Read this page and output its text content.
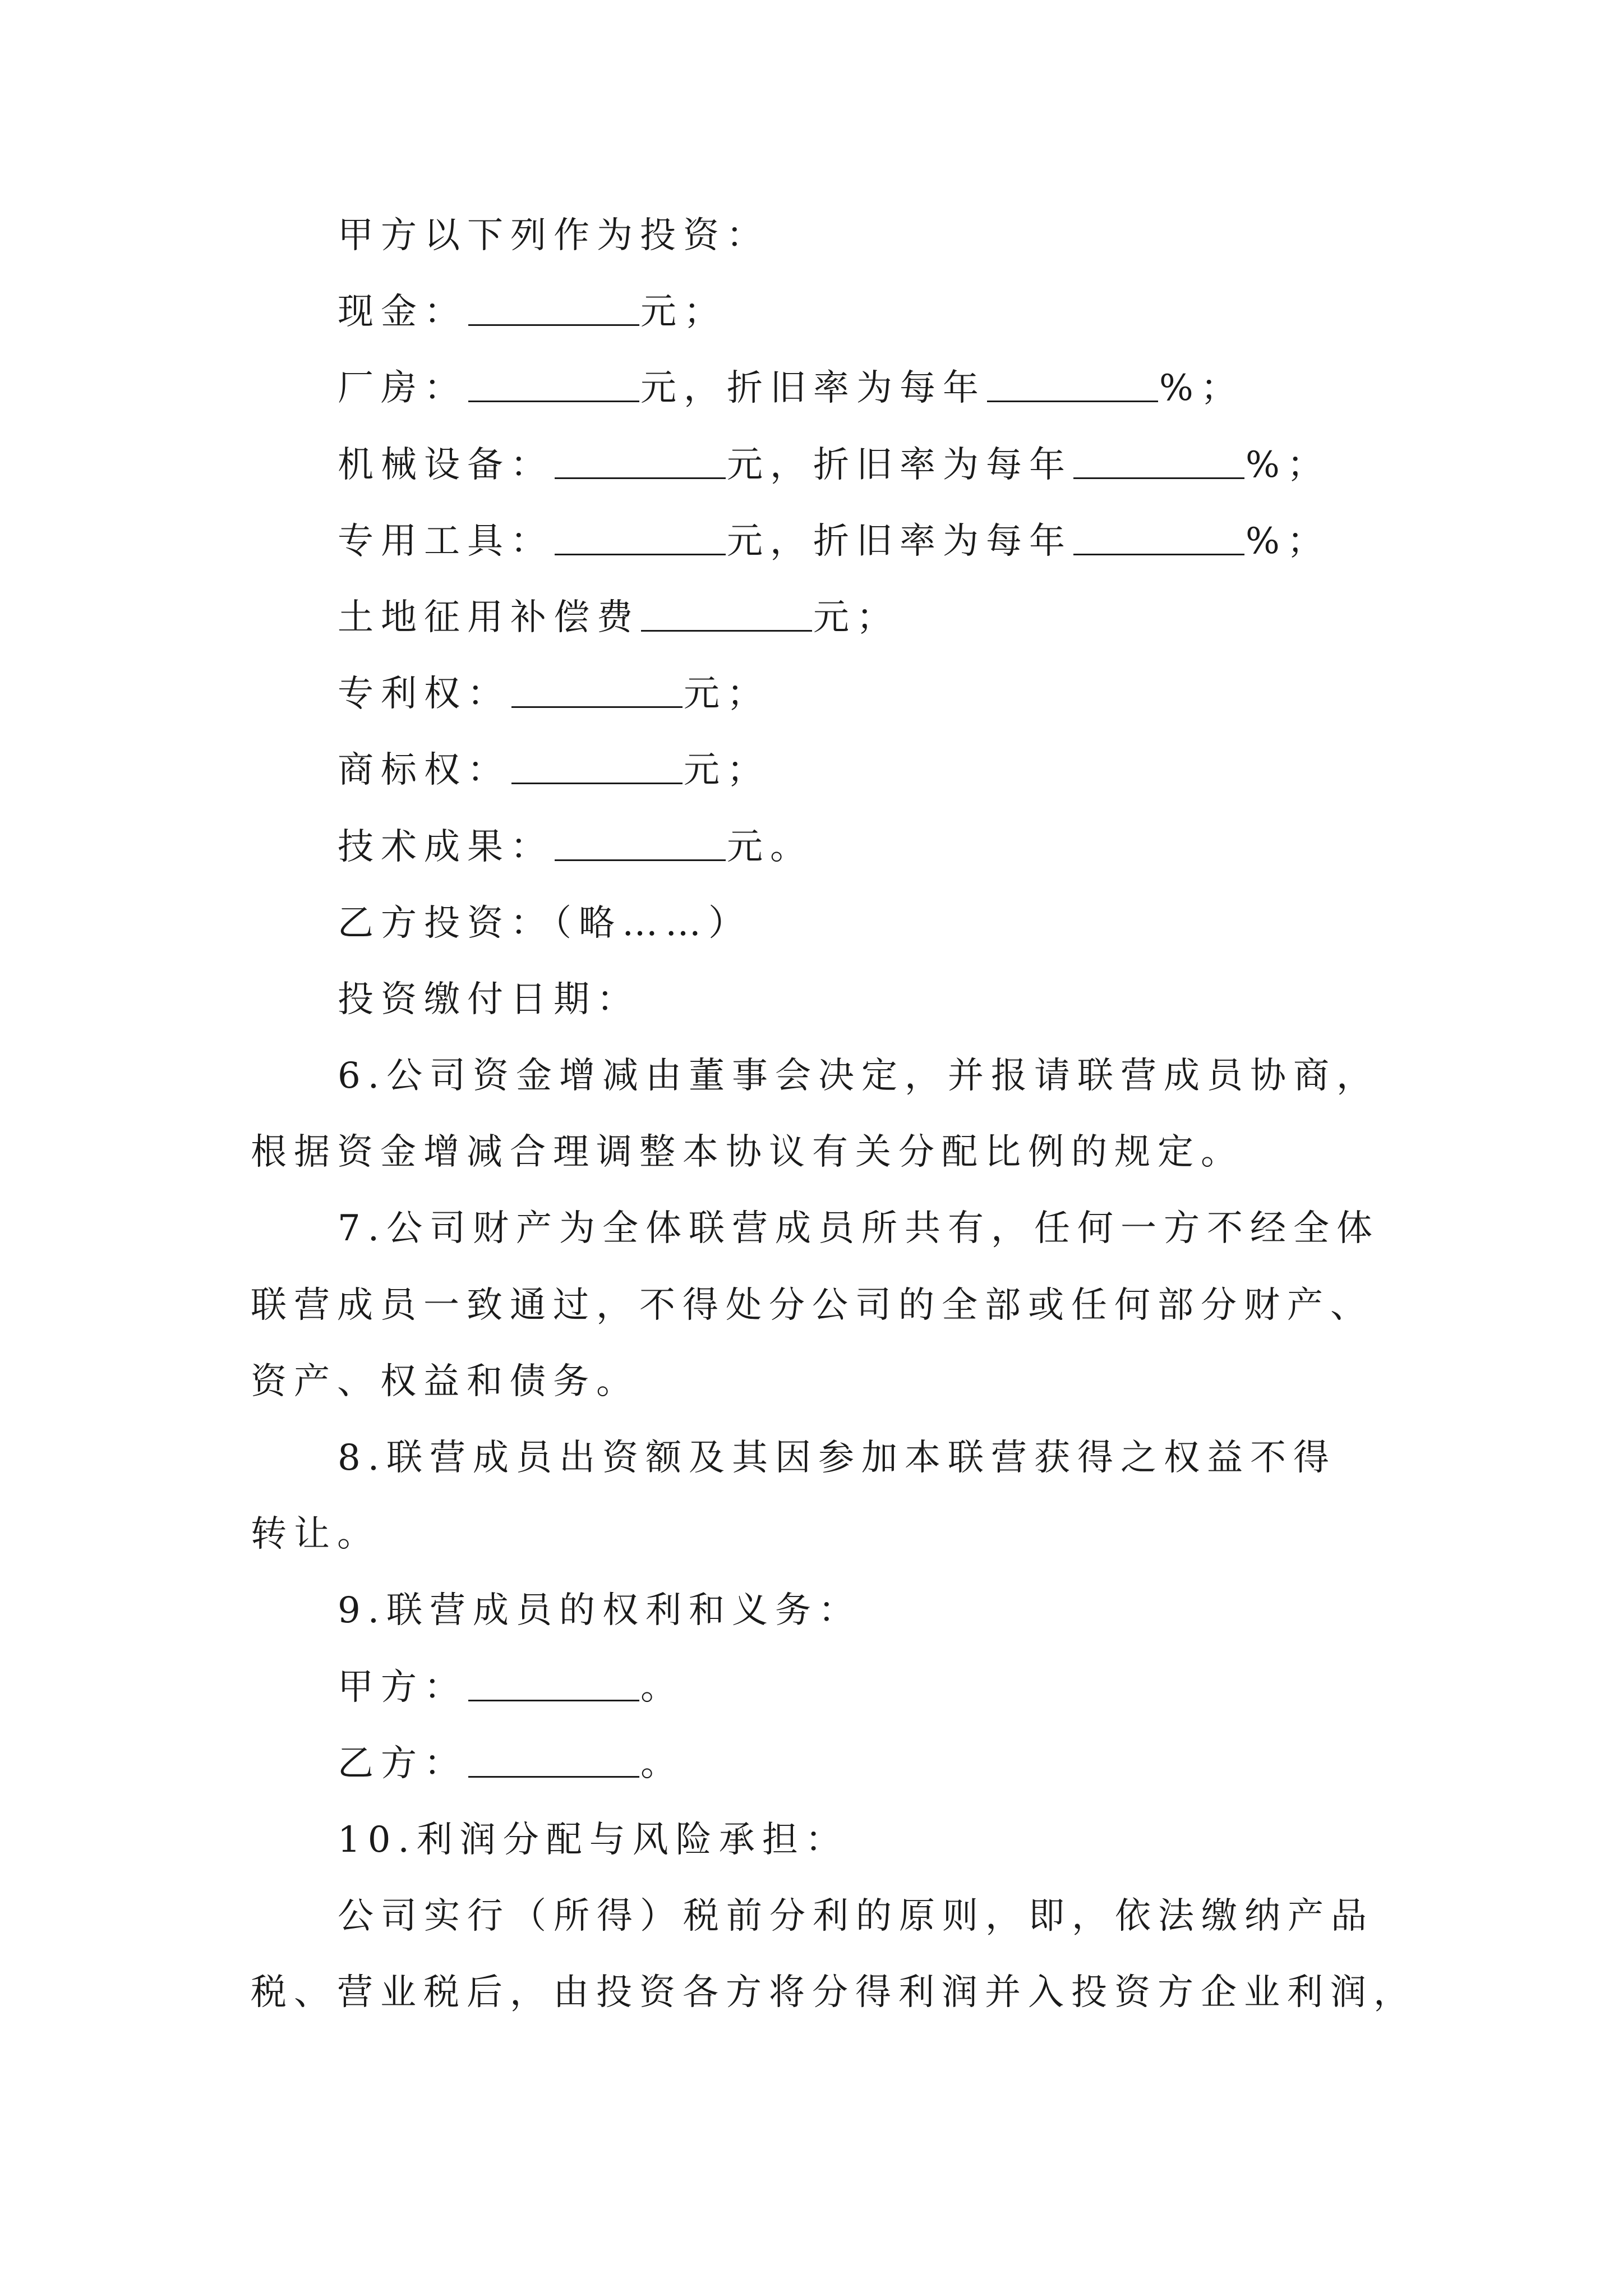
甲方以下列作为投资：
现金：	元；
厂房：	元，折旧率为每年	%；
机械设备：	元，折旧率为每年	%；
专用工具：	元，折旧率为每年	%；
土地征用补偿费	元；
专利权：	元；
商标权：	元；
技术成果：	元。
乙方投资：（略……）
投资缴付日期：
6.公司资金增减由董事会决定，并报请联营成员协商，
根据资金增减合理调整本协议有关分配比例的规定。
7.公司财产为全体联营成员所共有，任何一方不经全体
联营成员一致通过，不得处分公司的全部或任何部分财产、
资产、权益和债务。
8.联营成员出资额及其因参加本联营获得之权益不得
转让。
9.联营成员的权利和义务：
甲方：	。
乙方：	。
10.利润分配与风险承担：
公司实行（所得）税前分利的原则，即，依法缴纳产品
税、营业税后，由投资各方将分得利润并入投资方企业利润，
